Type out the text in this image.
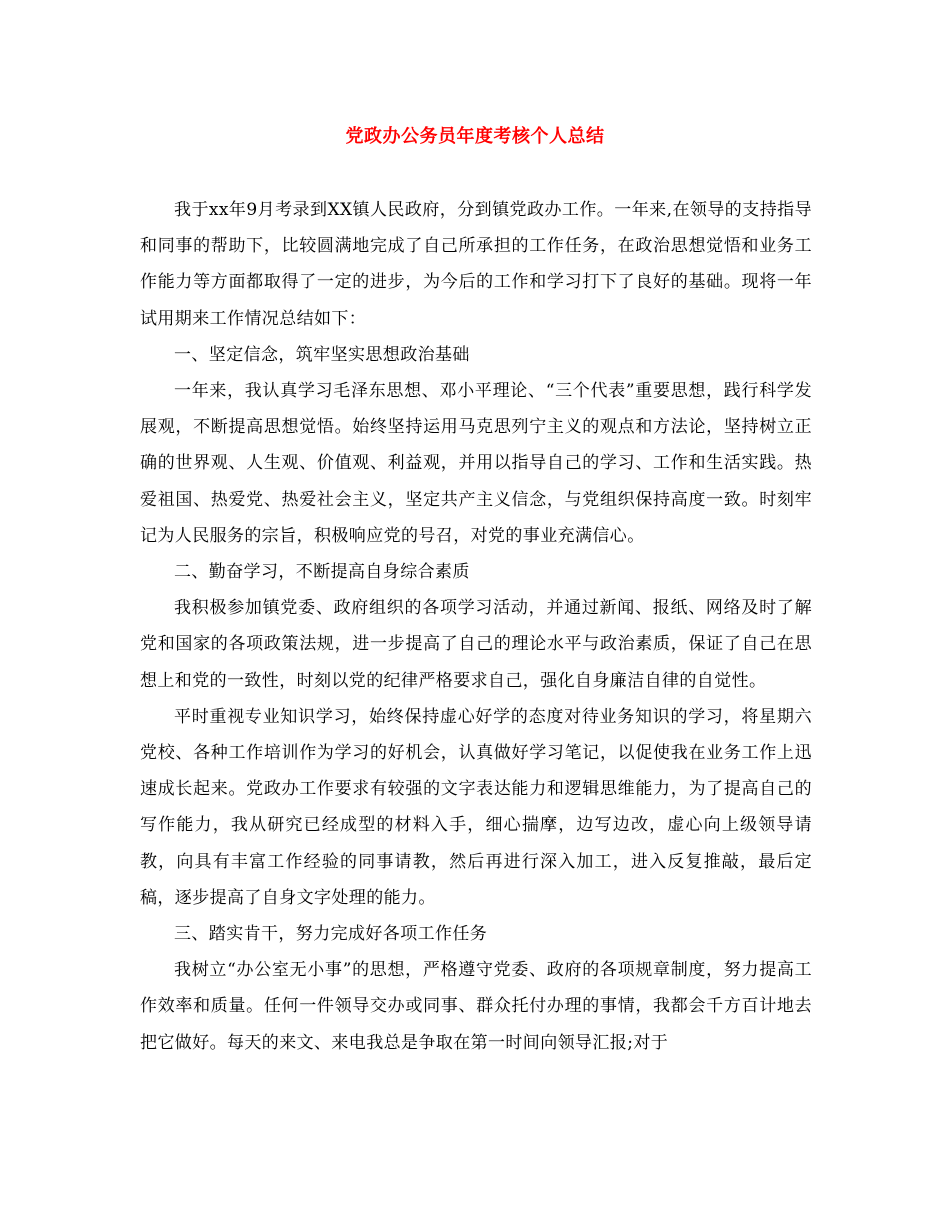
党政办公务员年度考核个人总结

我于xx年9月考录到XX镇人民政府，分到镇党政办工作。一年来,在领导的支持指导和同事的帮助下，比较圆满地完成了自己所承担的工作任务，在政治思想觉悟和业务工作能力等方面都取得了一定的进步，为今后的工作和学习打下了良好的基础。现将一年试用期来工作情况总结如下：

一、坚定信念，筑牢坚实思想政治基础

一年来，我认真学习毛泽东思想、邓小平理论、“三个代表”重要思想，践行科学发展观，不断提高思想觉悟。始终坚持运用马克思列宁主义的观点和方法论，坚持树立正确的世界观、人生观、价值观、利益观，并用以指导自己的学习、工作和生活实践。热爱祖国、热爱党、热爱社会主义，坚定共产主义信念，与党组织保持高度一致。时刻牢记为人民服务的宗旨，积极响应党的号召，对党的事业充满信心。

二、勤奋学习，不断提高自身综合素质

我积极参加镇党委、政府组织的各项学习活动，并通过新闻、报纸、网络及时了解党和国家的各项政策法规，进一步提高了自己的理论水平与政治素质，保证了自己在思想上和党的一致性，时刻以党的纪律严格要求自己，强化自身廉洁自律的自觉性。

平时重视专业知识学习，始终保持虚心好学的态度对待业务知识的学习，将星期六党校、各种工作培训作为学习的好机会，认真做好学习笔记，以促使我在业务工作上迅速成长起来。党政办工作要求有较强的文字表达能力和逻辑思维能力，为了提高自己的写作能力，我从研究已经成型的材料入手，细心揣摩，边写边改，虚心向上级领导请教，向具有丰富工作经验的同事请教，然后再进行深入加工，进入反复推敲，最后定稿，逐步提高了自身文字处理的能力。

三、踏实肯干，努力完成好各项工作任务

我树立“办公室无小事”的思想，严格遵守党委、政府的各项规章制度，努力提高工作效率和质量。任何一件领导交办或同事、群众托付办理的事情，我都会千方百计地去把它做好。每天的来文、来电我总是争取在第一时间向领导汇报;对于
